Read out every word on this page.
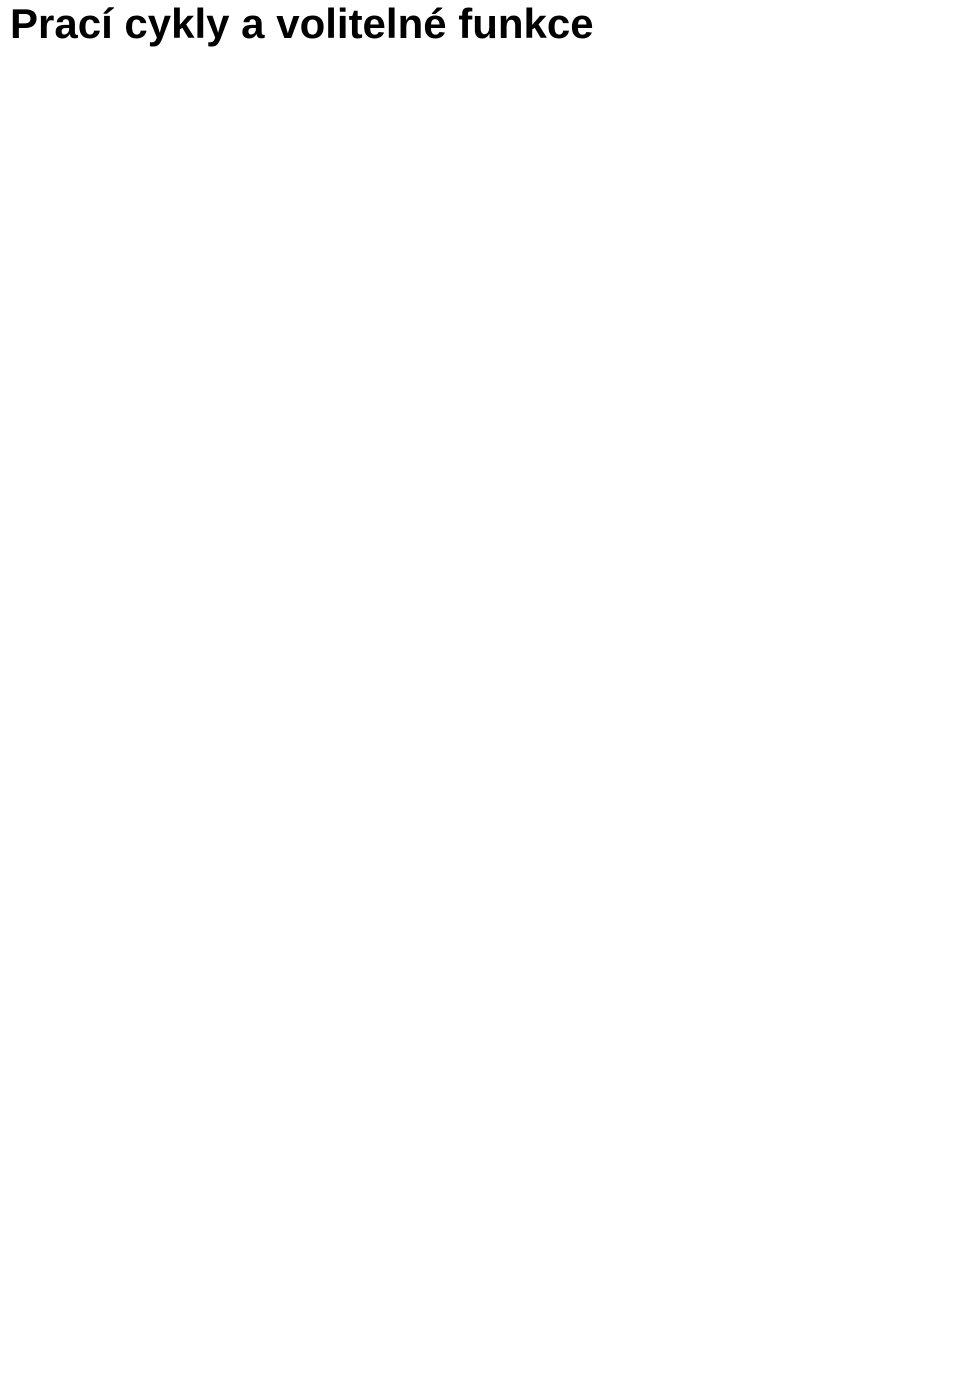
Prací cykly a volitelné funkce
